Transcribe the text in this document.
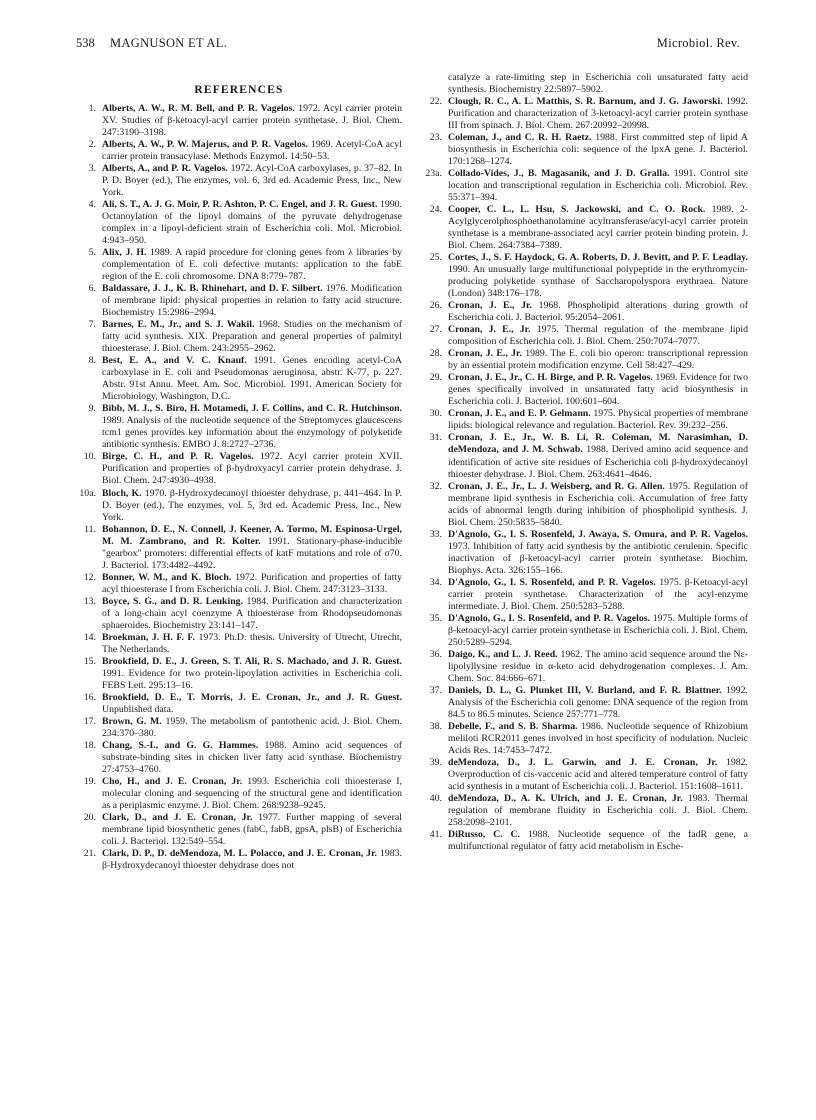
538 MAGNUSON ET AL.	Microbiol. Rev.
REFERENCES
1. Alberts, A. W., R. M. Bell, and P. R. Vagelos. 1972. Acyl carrier protein XV. Studies of β-ketoacyl-acyl carrier protein synthetase. J. Biol. Chem. 247:3190–3198.
2. Alberts, A. W., P. W. Majerus, and P. R. Vagelos. 1969. Acetyl-CoA acyl carrier protein transacylase. Methods Enzymol. 14:50–53.
3. Alberts, A., and P. R. Vagelos. 1972. Acyl-CoA carboxylases, p. 37–82. In P. D. Boyer (ed.), The enzymes, vol. 6, 3rd ed. Academic Press, Inc., New York.
4. Ali, S. T., A. J. G. Moir, P. R. Ashton, P. C. Engel, and J. R. Guest. 1990. Octanoylation of the lipoyl domains of the pyruvate dehydrogenase complex in a lipoyl-deficient strain of Escherichia coli. Mol. Microbiol. 4:943–950.
5. Alix, J. H. 1989. A rapid procedure for cloning genes from λ libraries by complementation of E. coli defective mutants: application to the fabE region of the E. coli chromosome. DNA 8:779–787.
6. Baldassare, J. J., K. B. Rhinehart, and D. F. Silbert. 1976. Modification of membrane lipid: physical properties in relation to fatty acid structure. Biochemistry 15:2986–2994.
7. Barnes, E. M., Jr., and S. J. Wakil. 1968. Studies on the mechanism of fatty acid synthesis. XIX. Preparation and general properties of palmityl thioesterase. J. Biol. Chem. 243:2955–2962.
8. Best, E. A., and V. C. Knauf. 1991. Genes encoding acetyl-CoA carboxylase in E. coli and Pseudomonas aeruginosa, abstr. K-77, p. 227. Abstr. 91st Annu. Meet. Am. Soc. Microbiol. 1991. American Society for Microbiology, Washington, D.C.
9. Bibb, M. J., S. Biro, H. Motamedi, J. F. Collins, and C. R. Hutchinson. 1989. Analysis of the nucleotide sequence of the Streptomyces glaucescens tcm1 genes provides key information about the enzymology of polyketide antibiotic synthesis. EMBO J. 8:2727–2736.
10. Birge, C. H., and P. R. Vagelos. 1972. Acyl carrier protein XVII. Purification and properties of β-hydroxyacyl carrier protein dehydrase. J. Biol. Chem. 247:4930–4938.
10a. Bloch, K. 1970. β-Hydroxydecanoyl thioester dehydrase, p. 441–464. In P. D. Boyer (ed.), The enzymes, vol. 5, 3rd ed. Academic Press, Inc., New York.
11. Bohannon, D. E., N. Connell, J. Keener, A. Tormo, M. Espinosa-Urgel, M. M. Zambrano, and R. Kolter. 1991. Stationary-phase-inducible "gearbox" promoters: differential effects of katF mutations and role of σ70. J. Bacteriol. 173:4482–4492.
12. Bonner, W. M., and K. Bloch. 1972. Purification and properties of fatty acyl thioesterase I from Escherichia coli. J. Biol. Chem. 247:3123–3133.
13. Boyce, S. G., and D. R. Leuking. 1984. Purification and characterization of a long-chain acyl coenzyme A thioesterase from Rhodopseudomonas sphaeroides. Biochemistry 23:141–147.
14. Broekman, J. H. F. F. 1973. Ph.D. thesis. University of Utrecht, Utrecht, The Netherlands.
15. Brookfield, D. E., J. Green, S. T. Ali, R. S. Machado, and J. R. Guest. 1991. Evidence for two protein-lipoylation activities in Escherichia coli. FEBS Lett. 295:13–16.
16. Brookfield, D. E., T. Morris, J. E. Cronan, Jr., and J. R. Guest. Unpublished data.
17. Brown, G. M. 1959. The metabolism of pantothenic acid. J. Biol. Chem. 234:370–380.
18. Chang, S.-I., and G. G. Hammes. 1988. Amino acid sequences of substrate-binding sites in chicken liver fatty acid synthase. Biochemistry 27:4753–4760.
19. Cho, H., and J. E. Cronan, Jr. 1993. Escherichia coli thioesterase I, molecular cloning and sequencing of the structural gene and identification as a periplasmic enzyme. J. Biol. Chem. 268:9238–9245.
20. Clark, D., and J. E. Cronan, Jr. 1977. Further mapping of several membrane lipid biosynthetic genes (fabC, fabB, gpsA, plsB) of Escherichia coli. J. Bacteriol. 132:549–554.
21. Clark, D. P., D. deMendoza, M. L. Polacco, and J. E. Cronan, Jr. 1983. β-Hydroxydecanoyl thioester dehydrase does not
catalyze a rate-limiting step in Escherichia coli unsaturated fatty acid synthesis. Biochemistry 22:5897–5902.
22. Clough, R. C., A. L. Matthis, S. R. Barnum, and J. G. Jaworski. 1992. Purification and characterization of 3-ketoacyl-acyl carrier protein synthase III from spinach. J. Biol. Chem. 267:20992–20998.
23. Coleman, J., and C. R. H. Raetz. 1988. First committed step of lipid A biosynthesis in Escherichia coli: sequence of the lpxA gene. J. Bacteriol. 170:1268–1274.
23a. Collado-Vides, J., B. Magasanik, and J. D. Gralla. 1991. Control site location and transcriptional regulation in Escherichia coli. Microbiol. Rev. 55:371–394.
24. Cooper, C. L., L. Hsu, S. Jackowski, and C. O. Rock. 1989. 2-Acylglycerolphosphoethanolamine acyltransferase/acyl-acyl carrier protein synthetase is a membrane-associated acyl carrier protein binding protein. J. Biol. Chem. 264:7384–7389.
25. Cortes, J., S. F. Haydock, G. A. Roberts, D. J. Bevitt, and P. F. Leadlay. 1990. An unusually large multifunctional polypeptide in the erythromycin-producing polyketide synthase of Saccharopolyspora erythraea. Nature (London) 348:176–178.
26. Cronan, J. E., Jr. 1968. Phospholipid alterations during growth of Escherichia coli. J. Bacteriol. 95:2054–2061.
27. Cronan, J. E., Jr. 1975. Thermal regulation of the membrane lipid composition of Escherichia coli. J. Biol. Chem. 250:7074–7077.
28. Cronan, J. E., Jr. 1989. The E. coli bio operon: transcriptional repression by an essential protein modification enzyme. Cell 58:427–429.
29. Cronan, J. E., Jr., C. H. Birge, and P. R. Vagelos. 1969. Evidence for two genes specifically involved in unsaturated fatty acid biosynthesis in Escherichia coli. J. Bacteriol. 100:601–604.
30. Cronan, J. E., and E. P. Gelmann. 1975. Physical properties of membrane lipids: biological relevance and regulation. Bacteriol. Rev. 39:232–256.
31. Cronan, J. E., Jr., W. B. Li, R. Coleman, M. Narasimhan, D. deMendoza, and J. M. Schwab. 1988. Derived amino acid sequence and identification of active site residues of Escherichia coli β-hydroxydecanoyl thioester dehydrase. J. Biol. Chem. 263:4641–4646.
32. Cronan, J. E., Jr., L. J. Weisberg, and R. G. Allen. 1975. Regulation of membrane lipid synthesis in Escherichia coli. Accumulation of free fatty acids of abnormal length during inhibition of phospholipid synthesis. J. Biol. Chem. 250:5835–5840.
33. D'Agnolo, G., I. S. Rosenfeld, J. Awaya, S. Omura, and P. R. Vagelos. 1973. Inhibition of fatty acid synthesis by the antibiotic cerulenin. Specific inactivation of β-ketoacyl-acyl carrier protein synthetase. Biochim. Biophys. Acta. 326:155–166.
34. D'Agnolo, G., I. S. Rosenfeld, and P. R. Vagelos. 1975. β-Ketoacyl-acyl carrier protein synthetase. Characterization of the acyl-enzyme intermediate. J. Biol. Chem. 250:5283–5288.
35. D'Agnolo, G., I. S. Rosenfeld, and P. R. Vagelos. 1975. Multiple forms of β-ketoacyl-acyl carrier protein synthetase in Escherichia coli. J. Biol. Chem. 250:5289–5294.
36. Daigo, K., and L. J. Reed. 1962. The amino acid sequence around the Nε-lipolyllysine residue in α-keto acid dehydrogenation complexes. J. Am. Chem. Soc. 84:666–671.
37. Daniels, D. L., G. Plunket III, V. Burland, and F. R. Blattner. 1992. Analysis of the Escherichia coli genome: DNA sequence of the region from 84.5 to 86.5 minutes. Science 257:771–778.
38. Debelle, F., and S. B. Sharma. 1986. Nucleotide sequence of Rhizobium meliloti RCR2011 genes involved in host specificity of nodulation. Nucleic Acids Res. 14:7453–7472.
39. deMendoza, D., J. L. Garwin, and J. E. Cronan, Jr. 1982. Overproduction of cis-vaccenic acid and altered temperature control of fatty acid synthesis in a mutant of Escherichia coli. J. Bacteriol. 151:1608–1611.
40. deMendoza, D., A. K. Ulrich, and J. E. Cronan, Jr. 1983. Thermal regulation of membrane fluidity in Escherichia coli. J. Biol. Chem. 258:2098–2101.
41. DiRusso, C. C. 1988. Nucleotide sequence of the fadR gene, a multifunctional regulator of fatty acid metabolism in Esche-
